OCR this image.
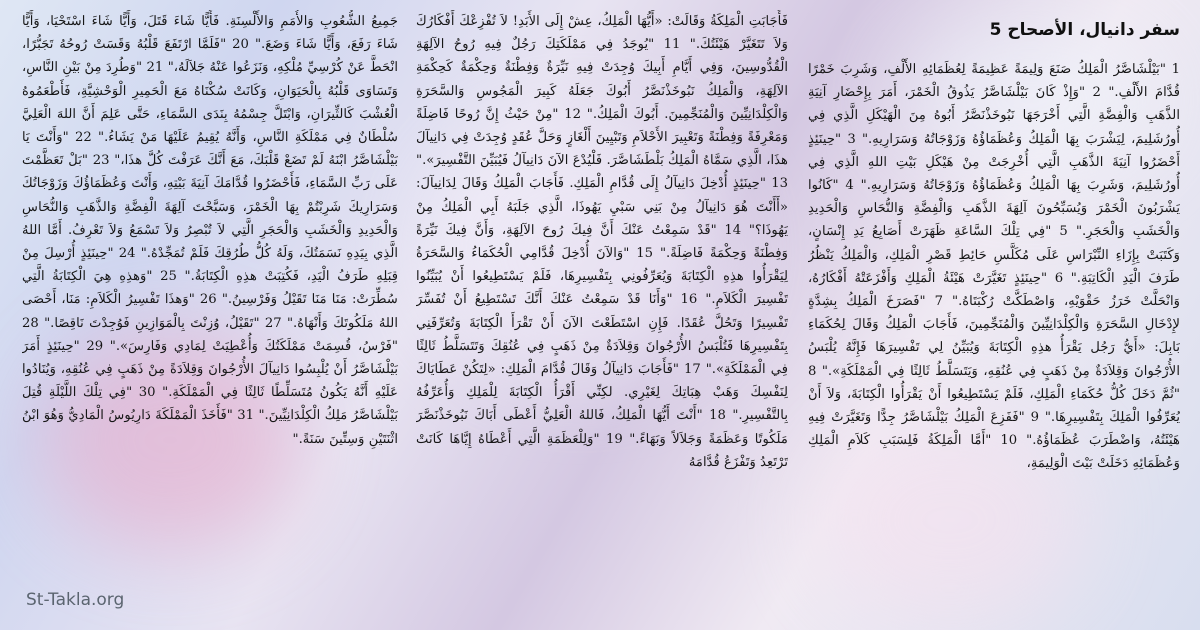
سفر دانيال، الأصحاح 5
1 "بَيْلْشَاصَّرُ الْمَلِكُ صَنَعَ وَلِيمَةً عَظِيمَةً لِعُظَمَائِهِ الأَلْفِ، وَشَرِبَ خَمْرًا قُدَّامَ الأَلْفِ." 2 "وَإِذْ كَانَ بَيْلْشَاصَّرُ يَذُوقُ الْخَمْرَ، أَمَرَ بِإِحْضَارِ آنِيَةِ الذَّهَبِ وَالْفِضَّةِ الَّتِي أَخْرَجَهَا نَبُوخَذْنَصَّرُ أَبُوهُ مِنَ الْهَيْكَلِ الَّذِي فِي أُورُشَلِيمَ، لِيَشْرَبَ بِهَا الْمَلِكُ وَعُظَمَاؤُهُ وَزَوْجَاتُهُ وَسَرَارِيهِ." 3 "حِينَئِذٍ أَحْضَرُوا آنِيَةَ الذَّهَبِ الَّتِي أُخْرِجَتْ مِنْ هَيْكَلِ بَيْتِ اللهِ الَّذِي فِي أُورُشَلِيمَ، وَشَرِبَ بِهَا الْمَلِكُ وَعُظَمَاؤُهُ وَزَوْجَاتُهُ وَسَرَارِيهِ." 4 "كَانُوا يَشْرَبُونَ الْخَمْرَ وَيُسَبِّحُونَ آلِهَةَ الذَّهَبِ وَالْفِضَّةِ وَالنُّحَاسِ وَالْحَدِيدِ وَالْخَشَبِ وَالْحَجَرِ." 5 "فِي تِلْكَ السَّاعَةِ ظَهَرَتْ أَصَابِعُ يَدِ إِنْسَانٍ، وَكَتَبَتْ بِإِزَاءِ النِّبْرَاسِ عَلَى مُكَلَّسِ حَائِطِ قَصْرِ الْمَلِكِ، وَالْمَلِكُ يَنْظُرُ طَرَفَ الْيَدِ الْكَاتِبَةِ." 6 "حِينَئِذٍ تَغَيَّرَتْ هَيْئَةُ الْمَلِكِ وَأَفْزَعَتْهُ أَفْكَارُهُ، وَانْحَلَّتْ خَرَزُ حَقْوَيْهِ، وَاصْطَكَّتْ رُكْبَتَاهُ." 7 "فَصَرَخَ الْمَلِكُ بِشِدَّةٍ لإِدْخَالِ السَّحَرَةِ وَالْكِلْدَانِيِّينَ وَالْمُنَجِّمِينَ، فَأَجَابَ الْمَلِكُ وَقَالَ لِحُكَمَاءِ بَابِلَ: «أَيُّ رَجُل يَقْرَأُ هذِهِ الْكِتَابَةَ وَيُبَيِّنُ لِي تَفْسِيرَهَا فَإِنَّهُ يُلْبَسُ الأُرْجُوانَ وَقِلاَدَةٌ مِنْ ذَهَبٍ فِي عُنُقِهِ، وَيَتَسَلَّطُ ثَالِثًا فِي الْمَمْلَكَةِ»." 8 "ثُمَّ دَخَلَ كُلُّ حُكَمَاءِ الْمَلِكِ، فَلَمْ يَسْتَطِيعُوا أَنْ يَقْرَأُوا الْكِتَابَةَ، وَلاَ أَنْ يُعَرِّفُوا الْمَلِكَ بِتَفْسِيرِهَا." 9 "فَفَزِعَ الْمَلِكُ بَيْلْشَاصَّرُ جِدًّا وَتَغَيَّرَتْ فِيهِ هَيْئَتُهُ، وَاضْطَرَبَ عُظَمَاؤُهُ." 10 "أَمَّا الْمَلِكَةُ فَلِسَبَبِ كَلاَمِ الْمَلِكِ وَعُظَمَائِهِ دَخَلَتْ بَيْتَ الْوَلِيمَةِ،
فَأَجَابَتِ الْمَلِكَةُ وَقَالَتْ: «أَيُّهَا الْمَلِكُ، عِشْ إِلَى الأَبَدِ! لاَ تُفْزِعْكَ أَفْكَارُكَ وَلاَ تَتَغَيَّرْ هَيْئَتُكَ." 11 "يُوجَدُ فِي مَمْلَكَتِكَ رَجُلٌ فِيهِ رُوحُ الآلِهَةِ الْقُدُّوسِينَ، وَفِي أَيَّامِ أَبِيكَ وُجِدَتْ فِيهِ نَيِّرَةٌ وَفِطْنَةٌ وَحِكْمَةٌ كَحِكْمَةِ الآلِهَةِ، وَالْمَلِكُ نَبُوخَذْنَصَّرُ أَبُوكَ جَعَلَهُ كَبِيرَ الْمَجُوسِ وَالسَّحَرَةِ وَالْكِلْدَانِيِّينَ وَالْمُنَجِّمِينَ. أَبُوكَ الْمَلِكُ." 12 "مِنْ حَيْثُ إِنَّ رُوحًا فَاضِلَةً وَمَعْرِفَةً وَفِطْنَةً وَتَعْبِيرَ الأَحْلاَمِ وَتَبْيِينَ أَلْغَازٍ وَحَلَّ عُقَدٍ وُجِدَتْ فِي دَانِيآلَ هذَا، الَّذِي سَمَّاهُ الْمَلِكُ بَلْطَشَاصَّرَ. فَلْيُدْعَ الآنَ دَانِيآلُ فَيُبَيِّنَ التَّفْسِيرَ»." 13 "حِينَئِذٍ أُدْخِلَ دَانِيآلُ إِلَى قُدَّامِ الْمَلِكِ. فَأَجَابَ الْمَلِكُ وَقَالَ لِدَانِيآلَ: «أَأَنْتَ هُوَ دَانِيآلُ مِنْ بَنِي سَبْيِ يَهُوذَا، الَّذِي جَلَبَهُ أَبِي الْمَلِكُ مِنْ يَهُوذَا؟" 14 "قَدْ سَمِعْتُ عَنْكَ أَنَّ فِيكَ رُوحَ الآلِهَةِ، وَأَنَّ فِيكَ نَيِّرَةً وَفِطْنَةً وَحِكْمَةً فَاضِلَةً." 15 "وَالآنَ أُدْخِلَ قُدَّامِي الْحُكَمَاءُ وَالسَّحَرَةُ لِيَقْرَأُوا هذِهِ الْكِتَابَةَ وَيُعَرِّفُونِي بِتَفْسِيرِهَا، فَلَمْ يَسْتَطِيعُوا أَنْ يُبَيِّنُوا تَفْسِيرَ الْكَلاَمِ." 16 "وَأَنَا قَدْ سَمِعْتُ عَنْكَ أَنَّكَ تَسْتَطِيعُ أَنْ تُفَسِّرَ تَفْسِيرًا وَتَحُلَّ عُقَدًا. فَإِنِ اسْتَطَعْتَ الآنَ أَنْ تَقْرَأَ الْكِتَابَةَ وَتُعَرِّفَنِي بِتَفْسِيرِهَا فَتُلْبَسُ الأُرْجُوانَ وَقِلاَدَةٌ مِنْ ذَهَبٍ فِي عُنُقِكَ وَتَتَسَلَّطُ ثَالِثًا فِي الْمَمْلَكَةِ»." 17 "فَأَجَابَ دَانِيآلُ وَقَالَ قُدَّامَ الْمَلِكِ: «لِتَكُنْ عَطَايَاكَ لِنَفْسِكَ وَهَبْ هِبَاتِكَ لِغَيْرِي. لكِنِّي أَقْرَأُ الْكِتَابَةَ لِلْمَلِكِ وَأُعَرِّفُهُ بِالتَّفْسِيرِ." 18 "أَنْتَ أَيُّهَا الْمَلِكُ، فَاللهُ الْعَلِيُّ أَعْطَى أَبَاكَ نَبُوخَذْنَصَّرَ مَلَكُوتًا وَعَظَمَةً وَجَلاَلاً وَبَهَاءً." 19 "وَلِلْعَظَمَةِ الَّتِي أَعْطَاهُ إِيَّاهَا كَانَتْ تَرْتَعِدُ وَتَفْزَعُ قُدَّامَهُ
جَمِيعُ الشُّعُوبِ وَالأُمَمِ وَالأَلْسِنَةِ. فَأَيًّا شَاءَ قَتَلَ، وَأَيًّا شَاءَ اسْتَحْيَا، وَأَيًّا شَاءَ رَفَعَ، وَأَيًّا شَاءَ وَضَعَ." 20 "فَلَمَّا ارْتَفَعَ قَلْبُهُ وَقَسَتْ رُوحُهُ تَجَبُّرًا، انْحَطَّ عَنْ كُرْسِيِّ مُلْكِهِ، وَنَزَعُوا عَنْهُ جَلاَلَهُ،" 21 "وَطُرِدَ مِنْ بَيْنِ النَّاسِ، وَتَسَاوَى قَلْبُهُ بِالْحَيَوَانِ، وَكَانَتْ سُكْنَاهُ مَعَ الْحَمِيرِ الْوَحْشِيَّةِ، فَأَطْعَمُوهُ الْعُشْبَ كَالثِّيرَانِ، وَابْتَلَّ جِسْمُهُ بِنَدَى السَّمَاءِ، حَتَّى عَلِمَ أَنَّ اللهَ الْعَلِيَّ سُلْطَانٌ فِي مَمْلَكَةِ النَّاسِ، وَأَنَّهُ يُقِيمُ عَلَيْهَا مَنْ يَشَاءُ." 22 "وَأَنْتَ يَا بَيْلْشَاصَّرُ ابْنَهُ لَمْ تَضَعْ قَلْبَكَ، مَعَ أَنَّكَ عَرَفْتَ كُلَّ هذَا،" 23 "بَلْ تَعَظَّمْتَ عَلَى رَبِّ السَّمَاءِ، فَأَحْضَرُوا قُدَّامَكَ آنِيَةَ بَيْتِهِ، وَأَنْتَ وَعُظَمَاؤُكَ وَزَوْجَاتُكَ وَسَرَارِيكَ شَرِبْتُمْ بِهَا الْخَمْرَ، وَسَبَّحْتَ آلِهَةَ الْفِضَّةِ وَالذَّهَبِ وَالنُّحَاسِ وَالْحَدِيدِ وَالْخَشَبِ وَالْحَجَرِ الَّتِي لاَ تُبْصِرُ وَلاَ تَسْمَعُ وَلاَ تَعْرِفُ. أَمَّا اللهُ الَّذِي بِيَدِهِ نَسَمَتُكَ، وَلَهُ كُلُّ طُرُقِكَ فَلَمْ تُمَجِّدْهُ." 24 "حِينَئِذٍ أُرْسِلَ مِنْ قِبَلِهِ طَرَفُ الْيَدِ، فَكُتِبَتْ هذِهِ الْكِتَابَةُ." 25 "وَهذِهِ هِيَ الْكِتَابَةُ الَّتِي سُطِّرَتْ: مَنَا مَنَا تَقَيْلُ وَفَرْسِينُ." 26 "وَهذَا تَفْسِيرُ الْكَلاَمِ: مَنَا، أَحْصَى اللهُ مَلَكُوتَكَ وَأَنْهَاهُ." 27 "تَقَيْلُ، وُزِنْتَ بِالْمَوَازِينِ فَوُجِدْتَ نَاقِصًا." 28 "فَرْسُ، قُسِمَتْ مَمْلَكَتُكَ وَأُعْطِيَتْ لِمَادِي وَفَارِسَ»." 29 "حِينَئِذٍ أَمَرَ بَيْلْشَاصَّرُ أَنْ يُلْبِسُوا دَانِيآلَ الأُرْجُوانَ وَقِلاَدَةً مِنْ ذَهَبٍ فِي عُنُقِهِ، وَيُنَادُوا عَلَيْهِ أَنَّهُ يَكُونُ مُتَسَلِّطًا ثَالِثًا فِي الْمَمْلَكَةِ." 30 "فِي تِلْكَ اللَّيْلَةِ قُتِلَ بَيْلْشَاصَّرُ مَلِكُ الْكِلْدَانِيِّينَ." 31 "فَأَخَذَ الْمَمْلَكَةَ دَارِيُوسُ الْمَادِيُّ وَهُوَ ابْنُ اثْنَتَيْنِ وَسِتِّينَ سَنَةً."
St-Takla.org
